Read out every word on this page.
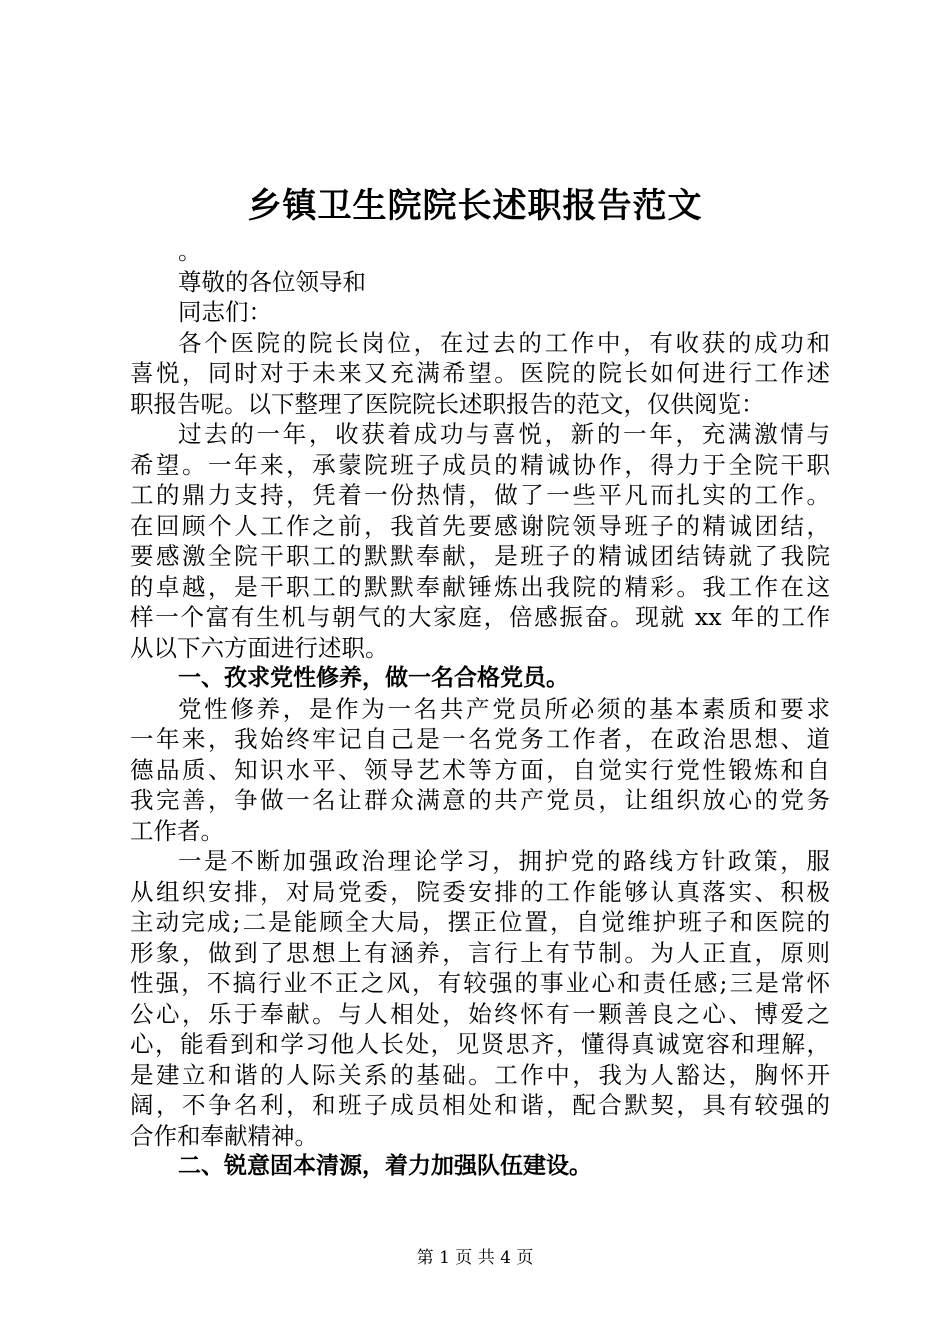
乡镇卫生院院长述职报告范文
。
尊敬的各位领导和
同志们：
各个医院的院长岗位，在过去的工作中，有收获的成功和
喜悦，同时对于未来又充满希望。医院的院长如何进行工作述
职报告呢。以下整理了医院院长述职报告的范文，仅供阅览：
过去的一年，收获着成功与喜悦，新的一年，充满激情与
希望。一年来，承蒙院班子成员的精诚协作，得力于全院干职
工的鼎力支持，凭着一份热情，做了一些平凡而扎实的工作。
在回顾个人工作之前，我首先要感谢院领导班子的精诚团结，
要感激全院干职工的默默奉献，是班子的精诚团结铸就了我院
的卓越，是干职工的默默奉献锤炼出我院的精彩。我工作在这
样一个富有生机与朝气的大家庭，倍感振奋。现就 xx 年的工作
从以下六方面进行述职。
一、孜求党性修养，做一名合格党员。
党性修养，是作为一名共产党员所必须的基本素质和要求
一年来，我始终牢记自己是一名党务工作者，在政治思想、道
德品质、知识水平、领导艺术等方面，自觉实行党性锻炼和自
我完善，争做一名让群众满意的共产党员，让组织放心的党务
工作者。
一是不断加强政治理论学习，拥护党的路线方针政策，服
从组织安排，对局党委，院委安排的工作能够认真落实、积极
主动完成;二是能顾全大局，摆正位置，自觉维护班子和医院的
形象，做到了思想上有涵养，言行上有节制。为人正直，原则
性强，不搞行业不正之风，有较强的事业心和责任感;三是常怀
公心，乐于奉献。与人相处，始终怀有一颗善良之心、博爱之
心，能看到和学习他人长处，见贤思齐，懂得真诚宽容和理解，
是建立和谐的人际关系的基础。工作中，我为人豁达，胸怀开
阔，不争名利，和班子成员相处和谐，配合默契，具有较强的
合作和奉献精神。
二、锐意固本清源，着力加强队伍建设。
第 1 页 共 4 页
